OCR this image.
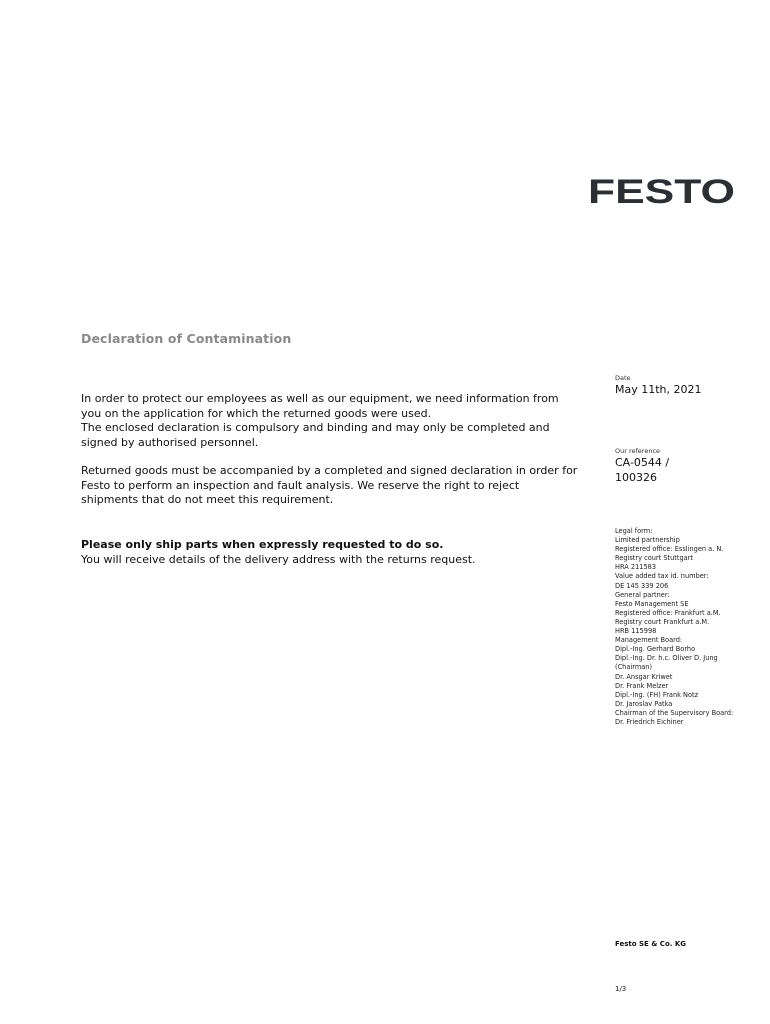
FESTO
Declaration of Contamination

In order to protect our employees as well as our equipment, we need information from

you on the application for which the returned goods were used.

The enclosed declaration is compulsory and binding and may only be completed and

signed by authorised personnel.

Returned goods must be accompanied by a completed and signed declaration in order for

Festo to perform an inspection and fault analysis. We reserve the right to reject

shipments that do not meet this requirement.

Please only ship parts when expressly requested to do so.

You will receive details of the delivery address with the returns request.

Date
May 11th, 2021
Our reference
CA-0544 /
100326
Legal form:
Limited partnership
Registered office: Esslingen a. N.
Registry court Stuttgart
HRA 211583
Value added tax id. number:
DE 145 339 206
General partner:
Festo Management SE
Registered office: Frankfurt a.M.
Registry court Frankfurt a.M.
HRB 115998
Management Board:
Dipl.-Ing. Gerhard Borho
Dipl.-Ing. Dr. h.c. Oliver D. Jung
(Chairman)
Dr. Ansgar Kriwet
Dr. Frank Melzer
Dipl.-Ing. (FH) Frank Notz
Dr. Jaroslav Patka
Chairman of the Supervisory Board:
Dr. Friedrich Eichiner
Festo SE & Co. KG
1/3
